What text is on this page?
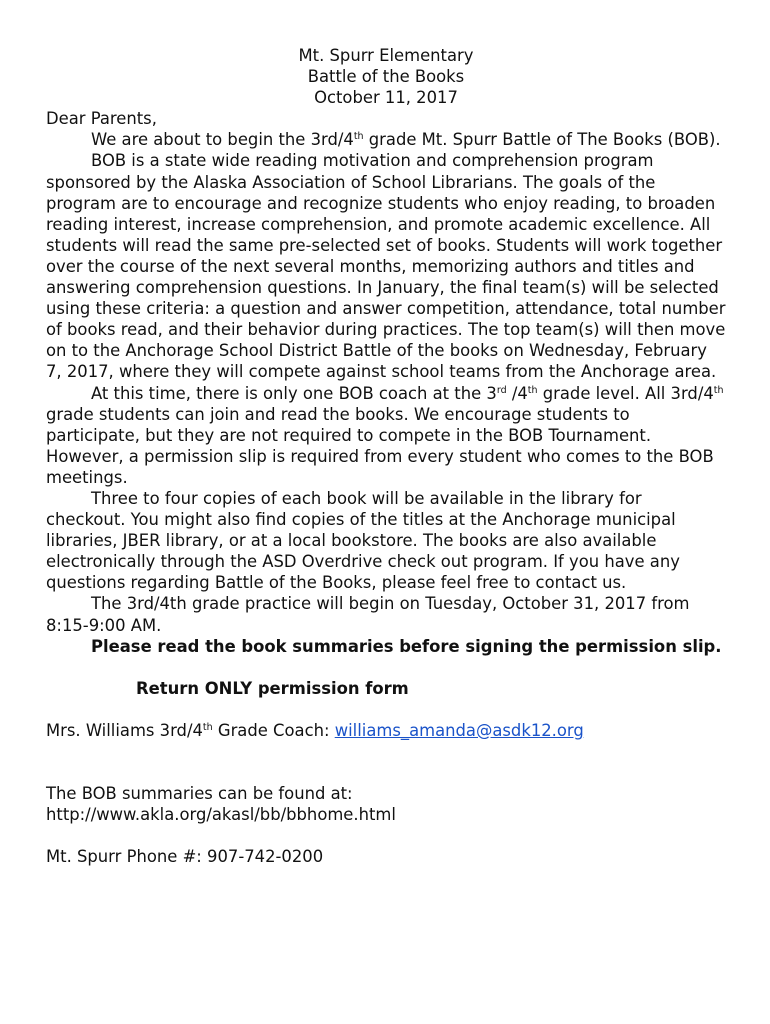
Mt. Spurr Elementary

Battle of the Books

October 11, 2017

Dear Parents,

We are about to begin the 3rd/4th grade Mt. Spurr Battle of The Books (BOB).

BOB is a state wide reading motivation and comprehension program sponsored by the Alaska Association of School Librarians. The goals of the program are to encourage and recognize students who enjoy reading, to broaden reading interest, increase comprehension, and promote academic excellence. All students will read the same pre-selected set of books. Students will work together over the course of the next several months, memorizing authors and titles and answering comprehension questions. In January, the final team(s) will be selected using these criteria: a question and answer competition, attendance, total number of books read, and their behavior during practices. The top team(s) will then move on to the Anchorage School District Battle of the books on Wednesday, February 7, 2017, where they will compete against school teams from the Anchorage area.

At this time, there is only one BOB coach at the 3rd /4th grade level. All 3rd/4th grade students can join and read the books. We encourage students to participate, but they are not required to compete in the BOB Tournament. However, a permission slip is required from every student who comes to the BOB meetings.

Three to four copies of each book will be available in the library for checkout. You might also find copies of the titles at the Anchorage municipal libraries, JBER library, or at a local bookstore. The books are also available electronically through the ASD Overdrive check out program. If you have any questions regarding Battle of the Books, please feel free to contact us.

The 3rd/4th grade practice will begin on Tuesday, October 31, 2017 from 8:15-9:00 AM.

Please read the book summaries before signing the permission slip.

Return ONLY permission form

Mrs. Williams 3rd/4th Grade Coach: williams_amanda@asdk12.org

The BOB summaries can be found at:

http://www.akla.org/akasl/bb/bbhome.html

Mt. Spurr Phone #: 907-742-0200
